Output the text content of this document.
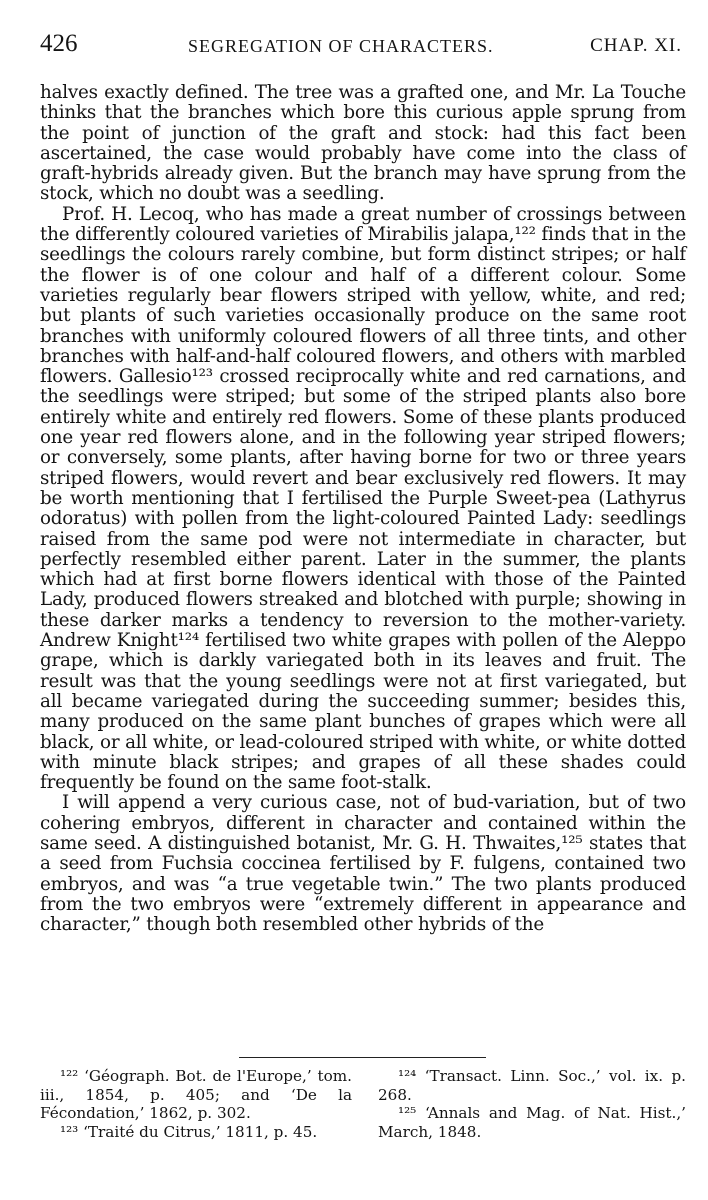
426	SEGREGATION OF CHARACTERS.	CHAP. XI.

halves exactly defined. The tree was a grafted one, and Mr. La Touche thinks that the branches which bore this curious apple sprung from the point of junction of the graft and stock: had this fact been ascertained, the case would probably have come into the class of graft-hybrids already given. But the branch may have sprung from the stock, which no doubt was a seedling.

Prof. H. Lecoq, who has made a great number of crossings between the differently coloured varieties of Mirabilis jalapa,¹²² finds that in the seedlings the colours rarely combine, but form distinct stripes; or half the flower is of one colour and half of a different colour. Some varieties regularly bear flowers striped with yellow, white, and red; but plants of such varieties occasionally produce on the same root branches with uniformly coloured flowers of all three tints, and other branches with half-and-half coloured flowers, and others with marbled flowers. Gallesio¹²³ crossed reciprocally white and red carnations, and the seedlings were striped; but some of the striped plants also bore entirely white and entirely red flowers. Some of these plants produced one year red flowers alone, and in the following year striped flowers; or conversely, some plants, after having borne for two or three years striped flowers, would revert and bear exclusively red flowers. It may be worth mentioning that I fertilised the Purple Sweet-pea (Lathyrus odoratus) with pollen from the light-coloured Painted Lady: seedlings raised from the same pod were not intermediate in character, but perfectly resembled either parent. Later in the summer, the plants which had at first borne flowers identical with those of the Painted Lady, produced flowers streaked and blotched with purple; showing in these darker marks a tendency to reversion to the mother-variety. Andrew Knight¹²⁴ fertilised two white grapes with pollen of the Aleppo grape, which is darkly variegated both in its leaves and fruit. The result was that the young seedlings were not at first variegated, but all became variegated during the succeeding summer; besides this, many produced on the same plant bunches of grapes which were all black, or all white, or lead-coloured striped with white, or white dotted with minute black stripes; and grapes of all these shades could frequently be found on the same foot-stalk.

I will append a very curious case, not of bud-variation, but of two cohering embryos, different in character and contained within the same seed. A distinguished botanist, Mr. G. H. Thwaites,¹²⁵ states that a seed from Fuchsia coccinea fertilised by F. fulgens, contained two embryos, and was “a true vegetable twin.” The two plants produced from the two embryos were “extremely different in appearance and character,” though both resembled other hybrids of the

¹²² ‘Géograph. Bot. de l'Europe,’ tom. iii., 1854, p. 405; and ‘De la Fécondation,’ 1862, p. 302.

¹²³ ‘Traité du Citrus,’ 1811, p. 45.

¹²⁴ ‘Transact. Linn. Soc.,’ vol. ix. p. 268.

¹²⁵ ‘Annals and Mag. of Nat. Hist.,’ March, 1848.
